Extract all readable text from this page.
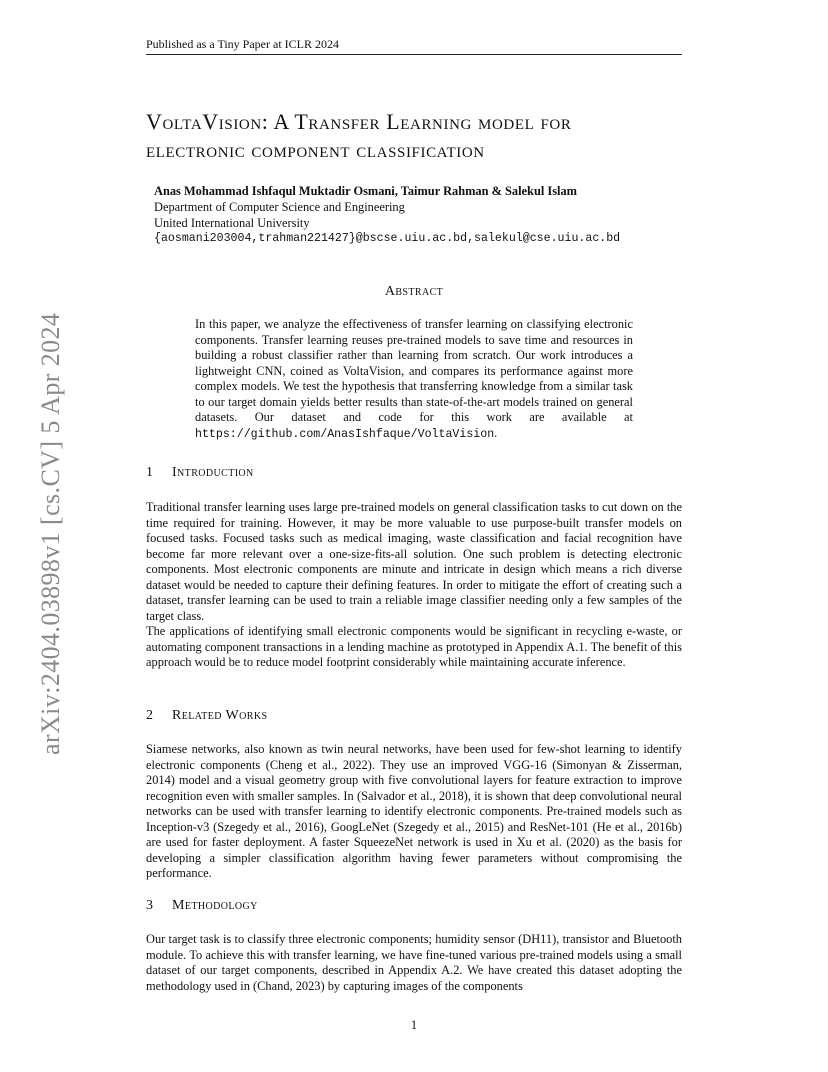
Published as a Tiny Paper at ICLR 2024
arXiv:2404.03898v1 [cs.CV] 5 Apr 2024
VoltaVision: A Transfer Learning model for
electronic component classification
Anas Mohammad Ishfaqul Muktadir Osmani, Taimur Rahman & Salekul Islam
Department of Computer Science and Engineering
United International University
{aosmani203004,trahman221427}@bscse.uiu.ac.bd,salekul@cse.uiu.ac.bd
Abstract
In this paper, we analyze the effectiveness of transfer learning on classifying electronic components. Transfer learning reuses pre-trained models to save time and resources in building a robust classifier rather than learning from scratch. Our work introduces a lightweight CNN, coined as VoltaVision, and compares its performance against more complex models. We test the hypothesis that transferring knowledge from a similar task to our target domain yields better results than state-of-the-art models trained on general datasets. Our dataset and code for this work are available at https://github.com/AnasIshfaque/VoltaVision.
1	Introduction

Traditional transfer learning uses large pre-trained models on general classification tasks to cut down on the time required for training. However, it may be more valuable to use purpose-built transfer models on focused tasks. Focused tasks such as medical imaging, waste classification and facial recognition have become far more relevant over a one-size-fits-all solution. One such problem is detecting electronic components. Most electronic components are minute and intricate in design which means a rich diverse dataset would be needed to capture their defining features. In order to mitigate the effort of creating such a dataset, transfer learning can be used to train a reliable image classifier needing only a few samples of the target class.

The applications of identifying small electronic components would be significant in recycling e-waste, or automating component transactions in a lending machine as prototyped in Appendix A.1. The benefit of this approach would be to reduce model footprint considerably while maintaining accurate inference.

2	Related Works

Siamese networks, also known as twin neural networks, have been used for few-shot learning to identify electronic components (Cheng et al., 2022). They use an improved VGG-16 (Simonyan & Zisserman, 2014) model and a visual geometry group with five convolutional layers for feature extraction to improve recognition even with smaller samples. In (Salvador et al., 2018), it is shown that deep convolutional neural networks can be used with transfer learning to identify electronic components. Pre-trained models such as Inception-v3 (Szegedy et al., 2016), GoogLeNet (Szegedy et al., 2015) and ResNet-101 (He et al., 2016b) are used for faster deployment. A faster SqueezeNet network is used in Xu et al. (2020) as the basis for developing a simpler classification algorithm having fewer parameters without compromising the performance.

3	Methodology

Our target task is to classify three electronic components; humidity sensor (DH11), transistor and Bluetooth module. To achieve this with transfer learning, we have fine-tuned various pre-trained models using a small dataset of our target components, described in Appendix A.2. We have created this dataset adopting the methodology used in (Chand, 2023) by capturing images of the components

1
